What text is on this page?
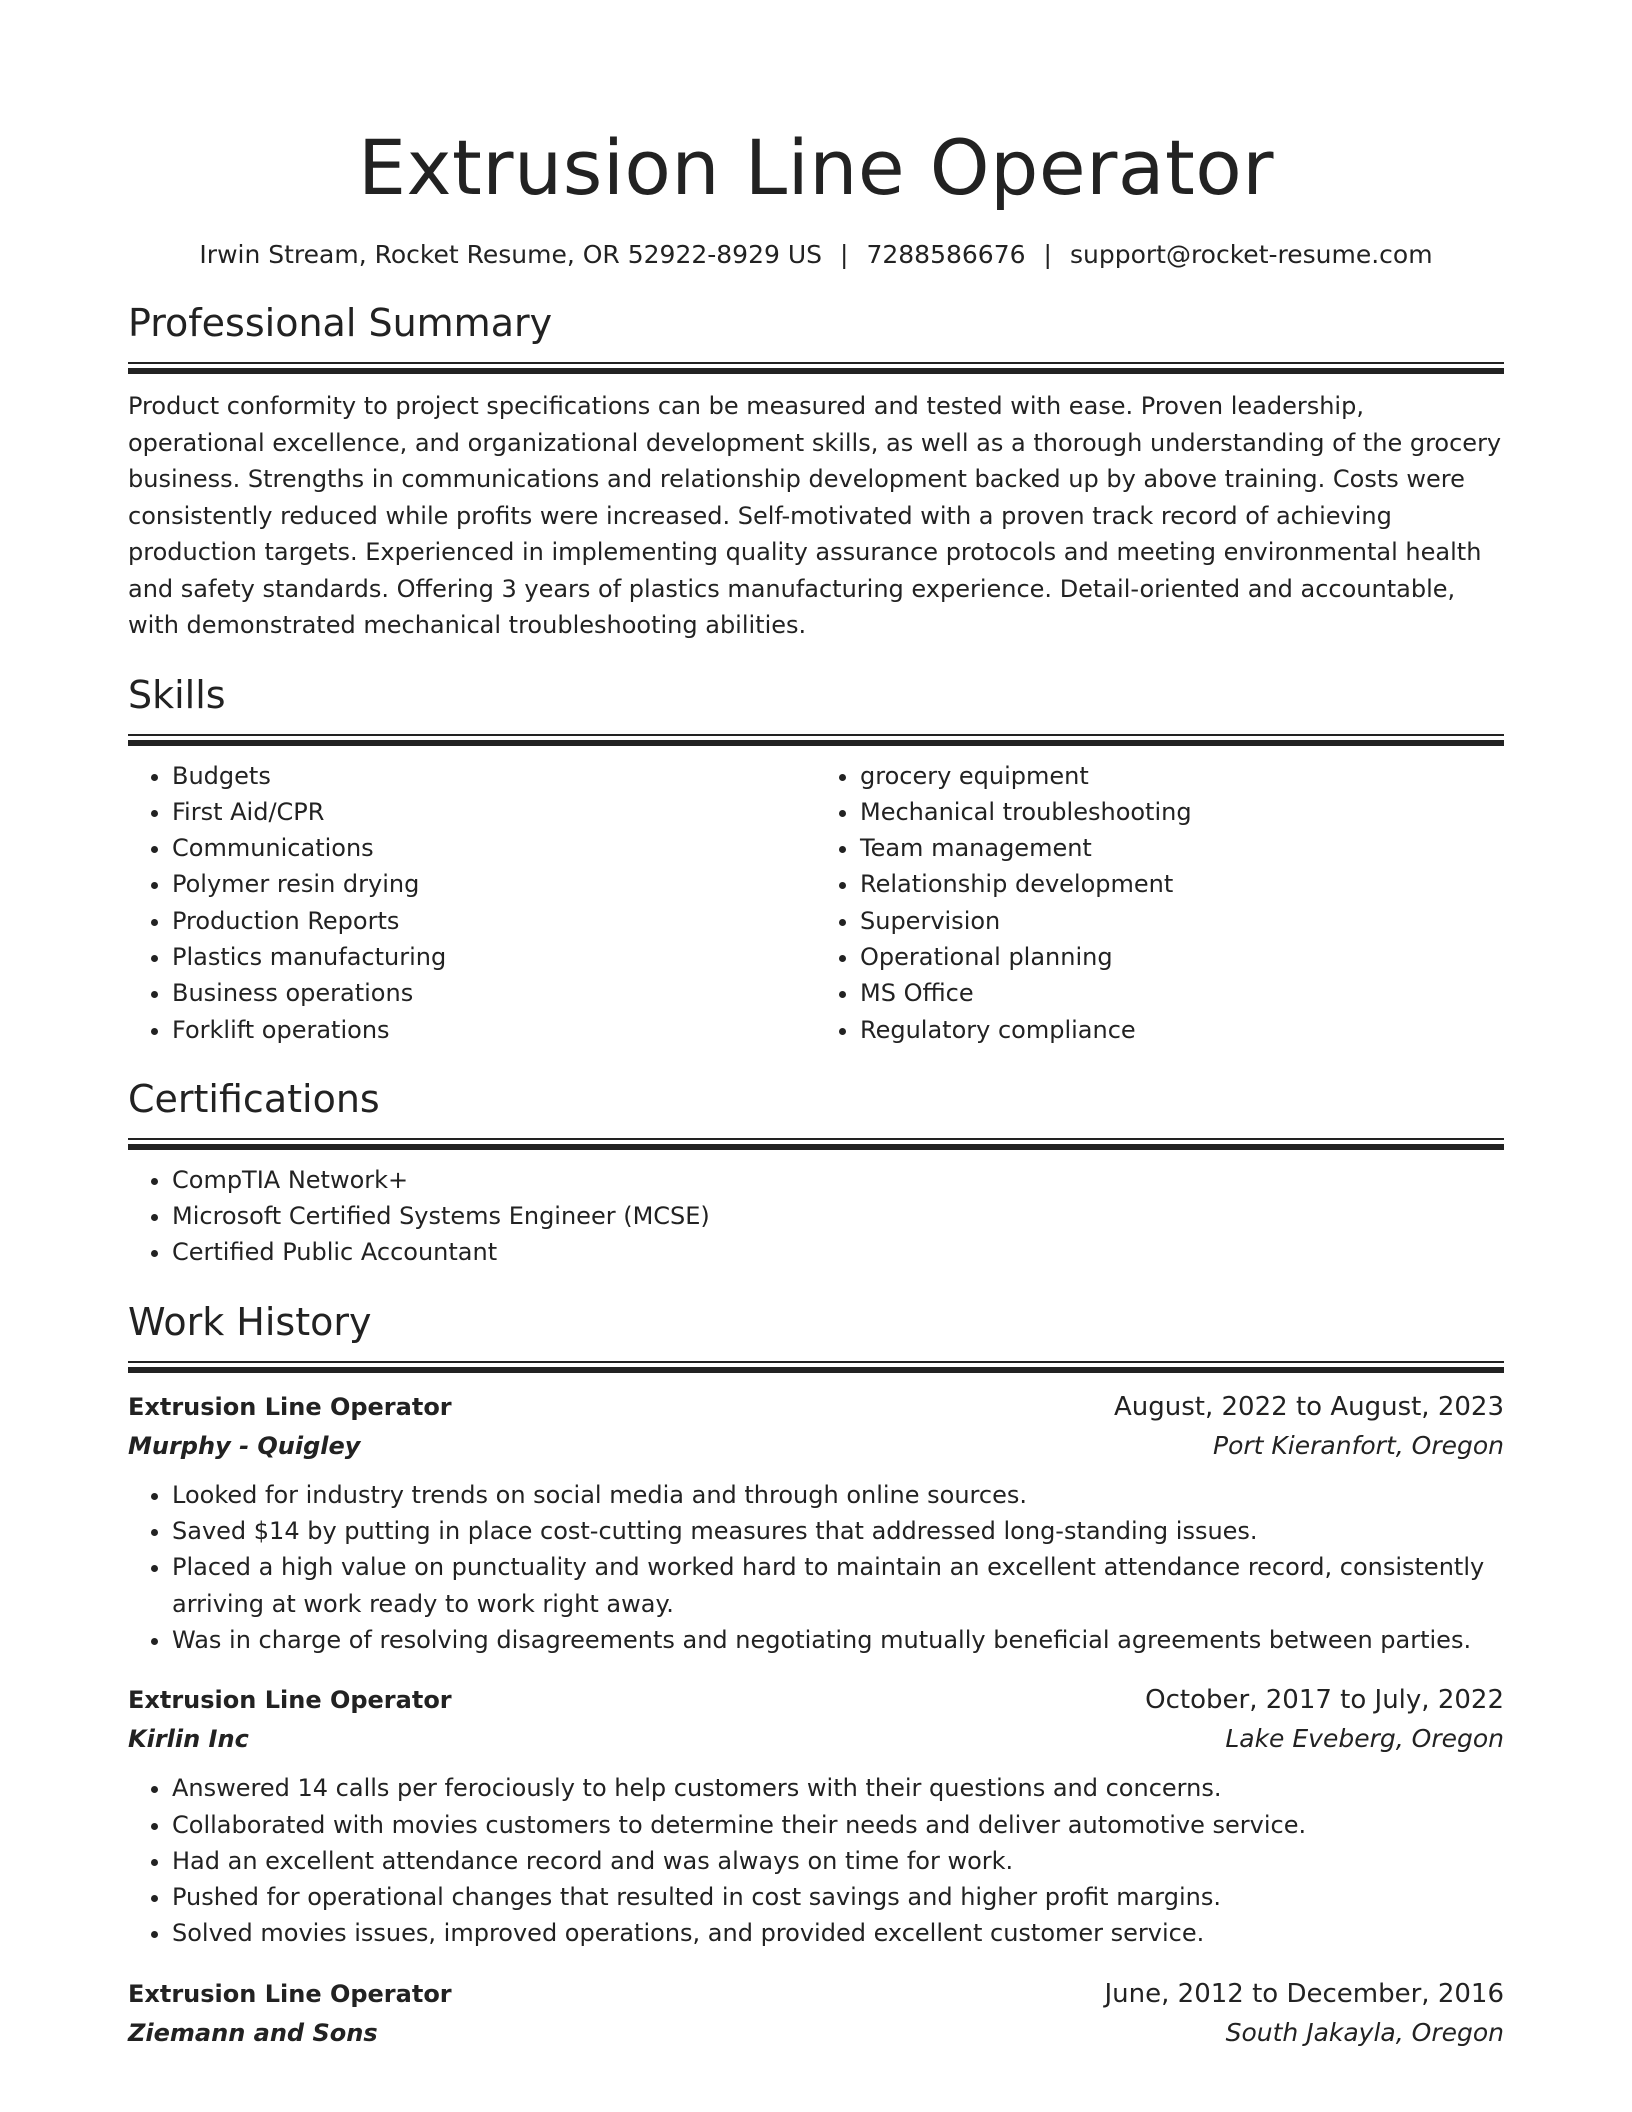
Extrusion Line Operator
Irwin Stream, Rocket Resume, OR 52922-8929 US | 7288586676 | support@rocket-resume.com
Professional Summary

Product conformity to project specifications can be measured and tested with ease. Proven leadership, operational excellence, and organizational development skills, as well as a thorough understanding of the grocery business. Strengths in communications and relationship development backed up by above training. Costs were consistently reduced while profits were increased. Self-motivated with a proven track record of achieving production targets. Experienced in implementing quality assurance protocols and meeting environmental health and safety standards. Offering 3 years of plastics manufacturing experience. Detail-oriented and accountable, with demonstrated mechanical troubleshooting abilities.

Skills
• Budgets
• First Aid/CPR
• Communications
• Polymer resin drying
• Production Reports
• Plastics manufacturing
• Business operations
• Forklift operations
• grocery equipment
• Mechanical troubleshooting
• Team management
• Relationship development
• Supervision
• Operational planning
• MS Office
• Regulatory compliance
Certifications
• CompTIA Network+
• Microsoft Certified Systems Engineer (MCSE)
• Certified Public Accountant
Work History
Extrusion Line Operator	August, 2022 to August, 2023
Murphy - Quigley	Port Kieranfort, Oregon
• Looked for industry trends on social media and through online sources.
• Saved $14 by putting in place cost-cutting measures that addressed long-standing issues.
• Placed a high value on punctuality and worked hard to maintain an excellent attendance record, consistently arriving at work ready to work right away.
• Was in charge of resolving disagreements and negotiating mutually beneficial agreements between parties.
Extrusion Line Operator	October, 2017 to July, 2022
Kirlin Inc	Lake Eveberg, Oregon
• Answered 14 calls per ferociously to help customers with their questions and concerns.
• Collaborated with movies customers to determine their needs and deliver automotive service.
• Had an excellent attendance record and was always on time for work.
• Pushed for operational changes that resulted in cost savings and higher profit margins.
• Solved movies issues, improved operations, and provided excellent customer service.
Extrusion Line Operator	June, 2012 to December, 2016
Ziemann and Sons	South Jakayla, Oregon
